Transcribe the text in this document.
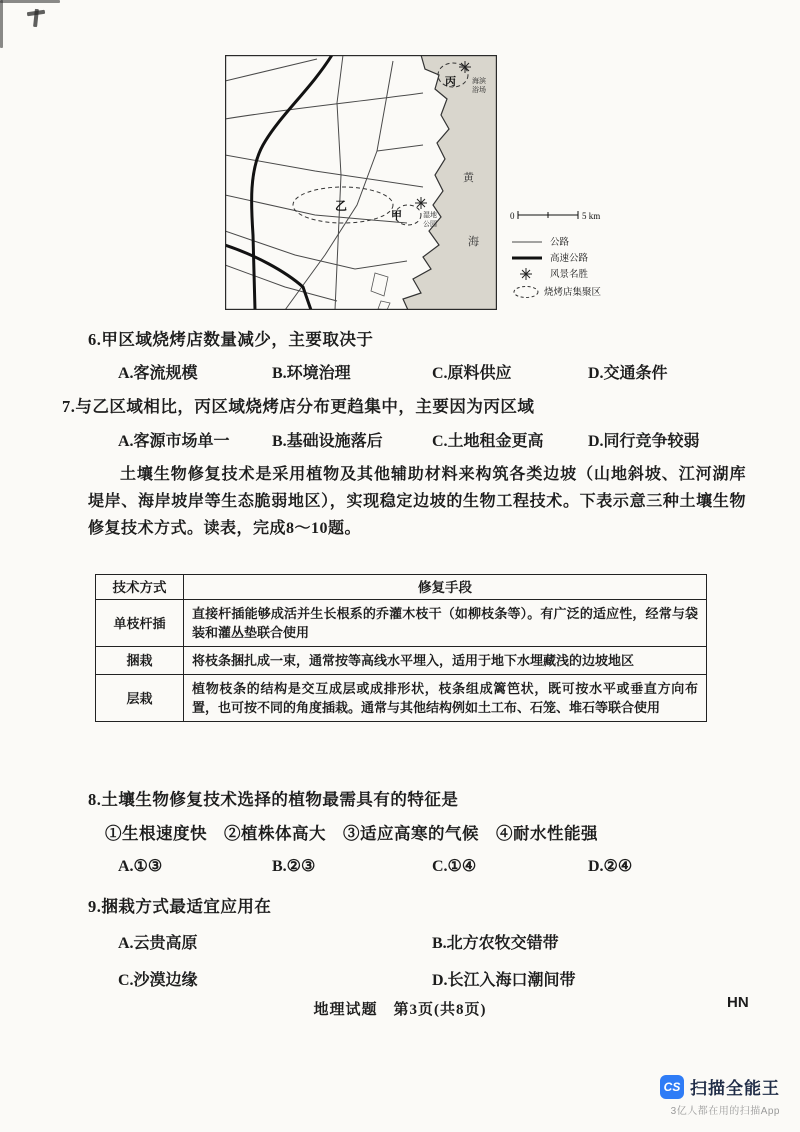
丙
乙
甲
黄
海
海滨
浴场
湿地
公园
0	5 km
公路
高速公路
风景名胜
烧烤店集聚区
6.甲区域烧烤店数量减少，主要取决于
A.客流规模	B.环境治理	C.原料供应	D.交通条件
7.与乙区域相比，丙区域烧烤店分布更趋集中，主要因为丙区域
A.客源市场单一	B.基础设施落后	C.土地租金更高	D.同行竞争较弱
土壤生物修复技术是采用植物及其他辅助材料来构筑各类边坡（山地斜坡、江河湖库堤岸、海岸坡岸等生态脆弱地区），实现稳定边坡的生物工程技术。下表示意三种土壤生物修复技术方式。读表，完成8～10题。
技术方式	修复手段
单枝杆插	直接杆插能够成活并生长根系的乔灌木枝干（如柳枝条等）。有广泛的适应性，经常与袋装和灌丛垫联合使用
捆栽	将枝条捆扎成一束，通常按等高线水平埋入，适用于地下水埋藏浅的边坡地区
层栽	植物枝条的结构是交互成层或成排形状，枝条组成篱笆状，既可按水平或垂直方向布置，也可按不同的角度插栽。通常与其他结构例如土工布、石笼、堆石等联合使用
8.土壤生物修复技术选择的植物最需具有的特征是
①生根速度快　②植株体高大　③适应高寒的气候　④耐水性能强
A.①③	B.②③	C.①④	D.②④
9.捆栽方式最适宜应用在
A.云贵高原	B.北方农牧交错带
C.沙漠边缘	D.长江入海口潮间带
地理试题　第3页(共8页)	HN
CS 扫描全能王
3亿人都在用的扫描App
